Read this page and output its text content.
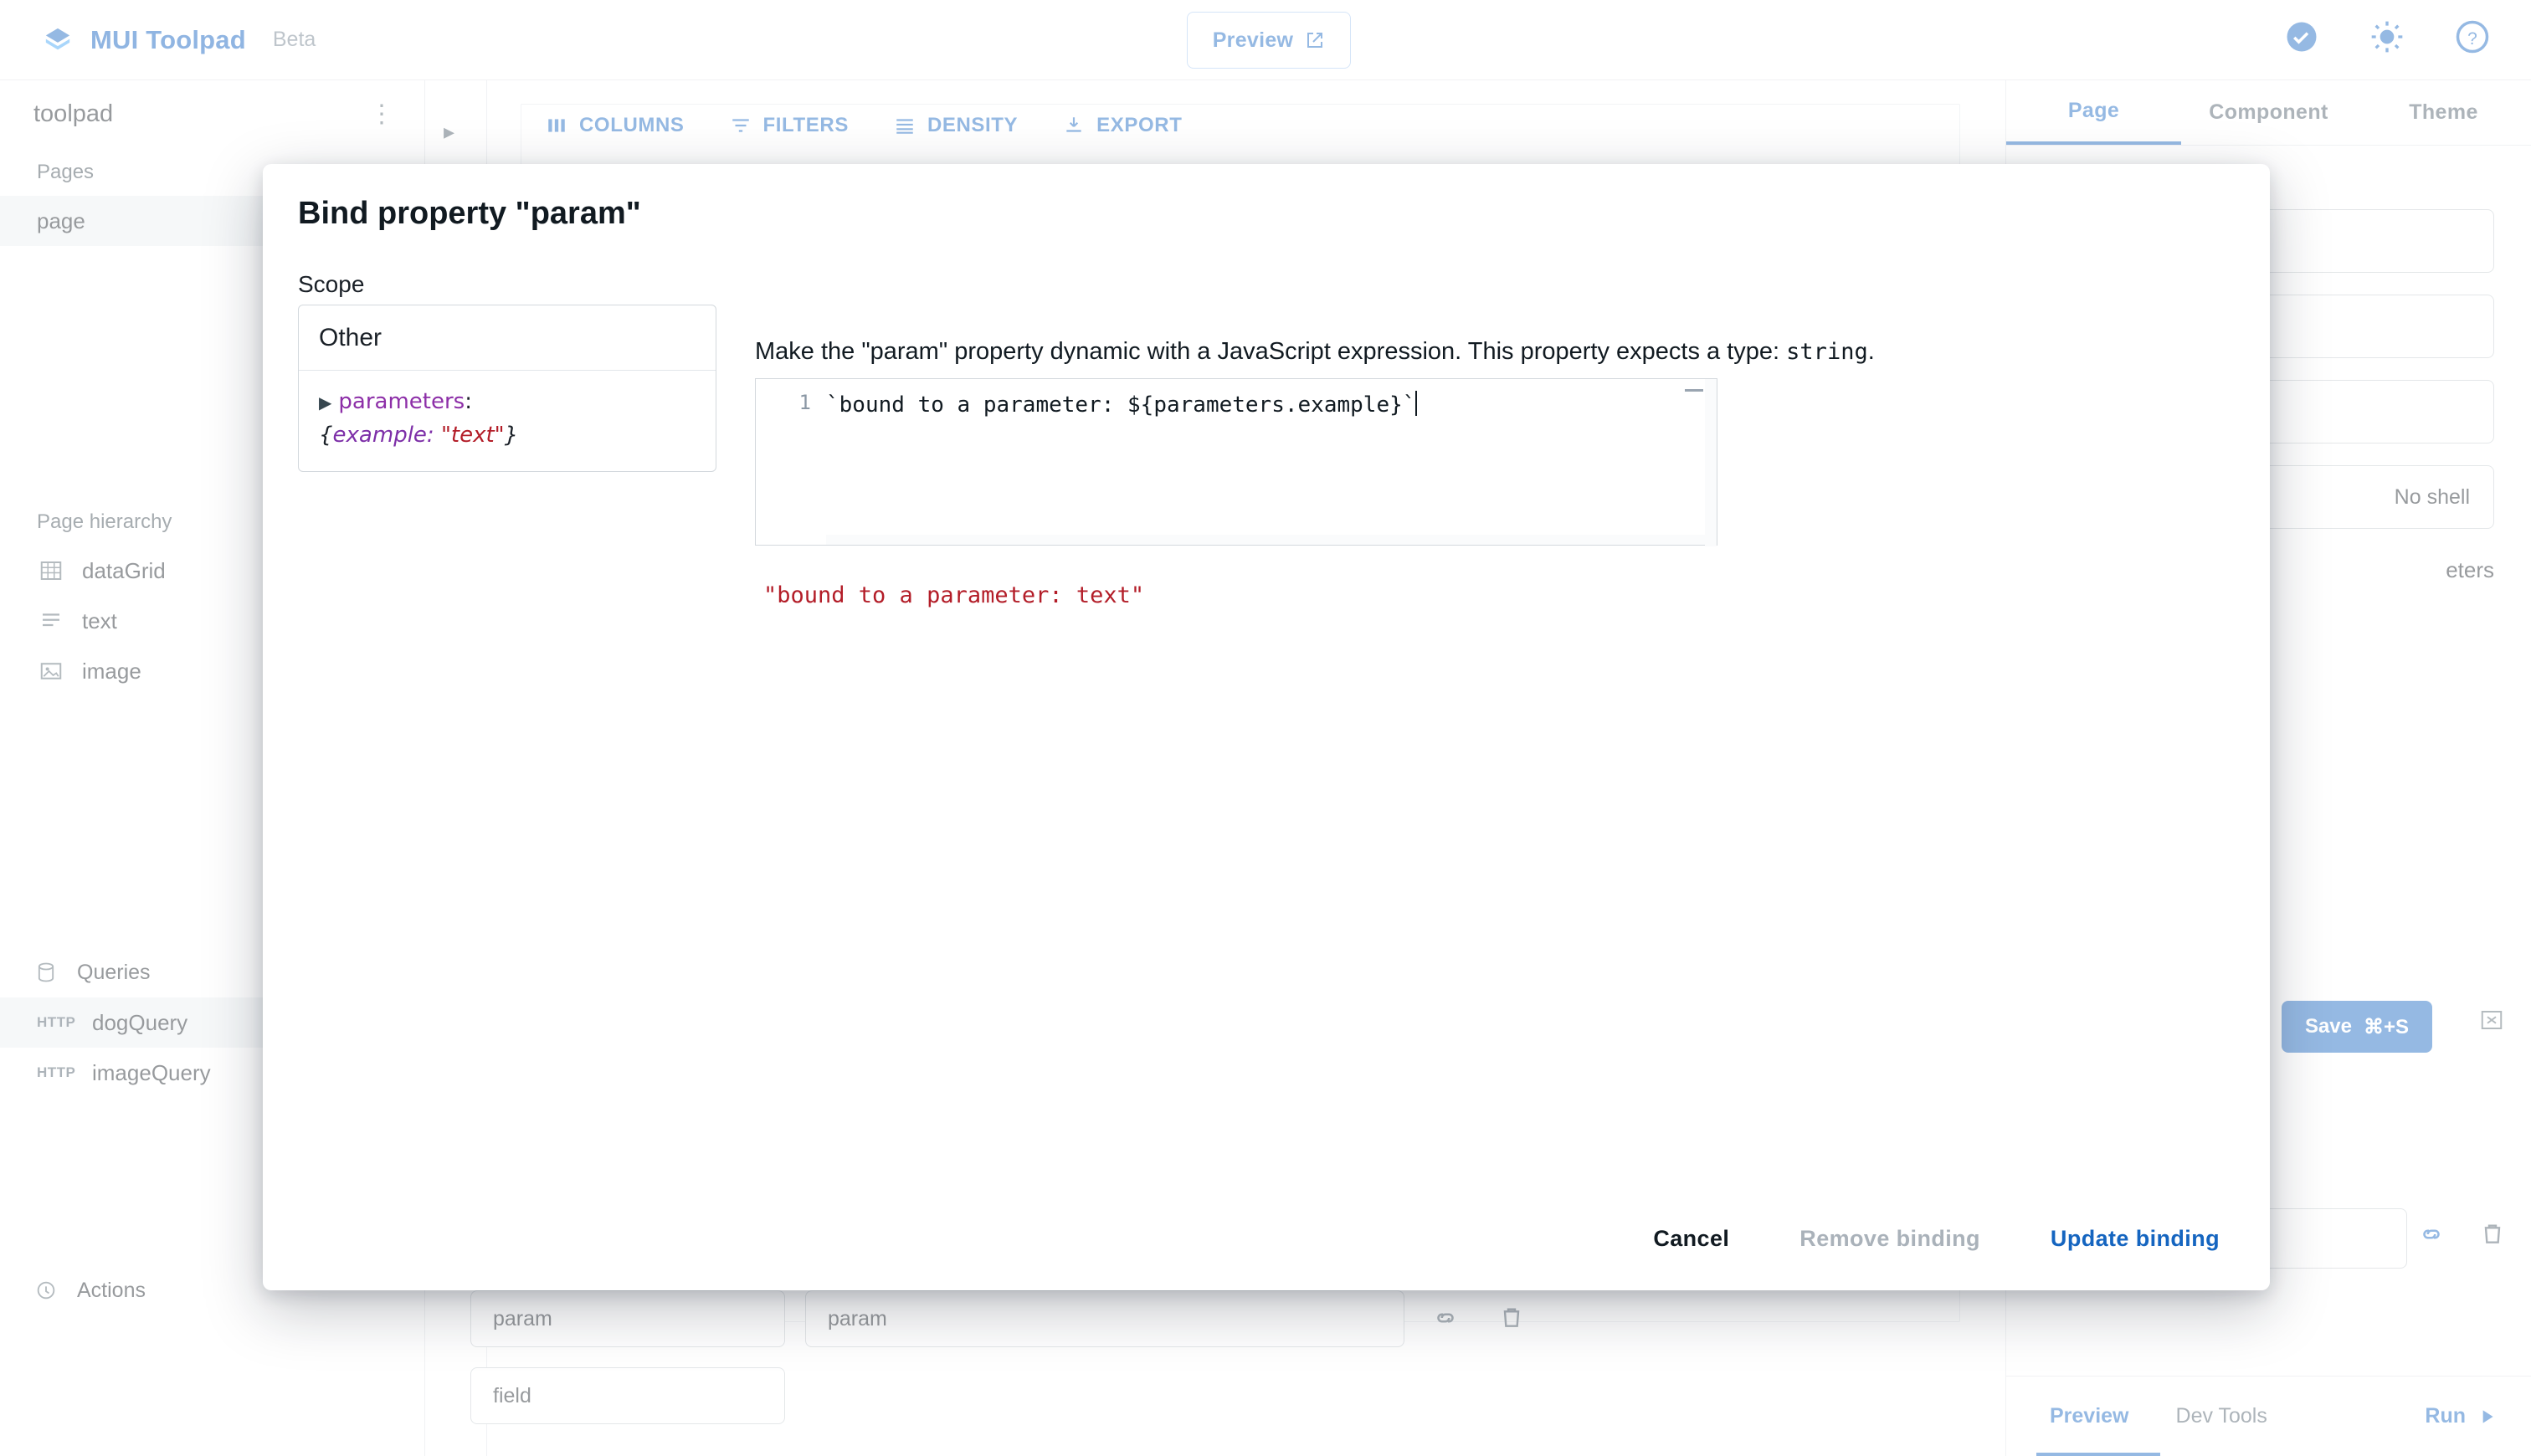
Bind property "param"
Scope
Other
▶ parameters:
{example: "text"}
Make the "param" property dynamic with a JavaScript expression. This property expects a type: string.
1 `bound to a parameter: ${parameters.example}`
"bound to a parameter: text"
Cancel	Remove binding	Update binding
